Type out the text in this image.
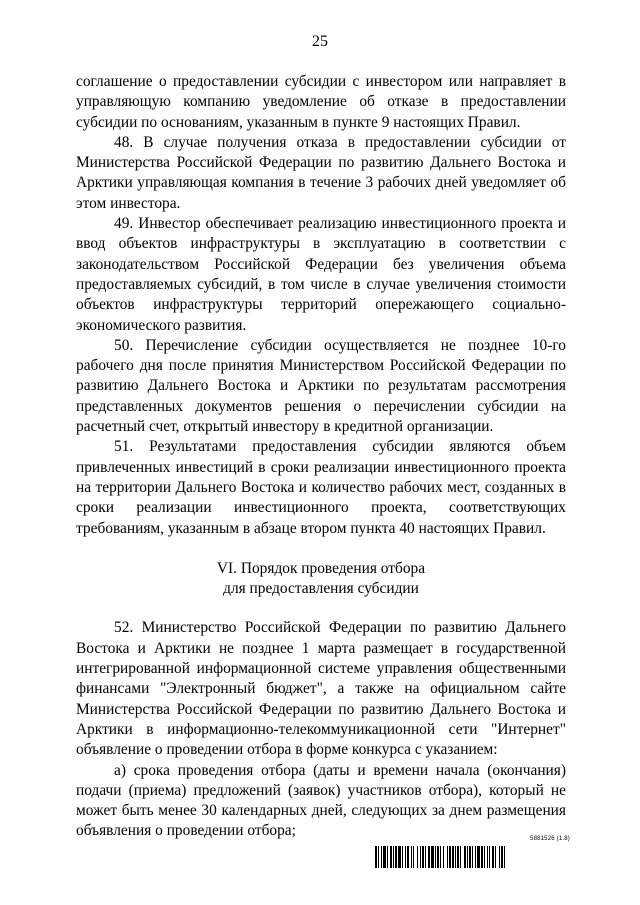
25

соглашение о предоставлении субсидии с инвестором или направляет в управляющую компанию уведомление об отказе в предоставлении субсидии по основаниям, указанным в пункте 9 настоящих Правил.

48. В случае получения отказа в предоставлении субсидии от Министерства Российской Федерации по развитию Дальнего Востока и Арктики управляющая компания в течение 3 рабочих дней уведомляет об этом инвестора.

49. Инвестор обеспечивает реализацию инвестиционного проекта и ввод объектов инфраструктуры в эксплуатацию в соответствии с законодательством Российской Федерации без увеличения объема предоставляемых субсидий, в том числе в случае увеличения стоимости объектов инфраструктуры территорий опережающего социально-экономического развития.

50. Перечисление субсидии осуществляется не позднее 10-го рабочего дня после принятия Министерством Российской Федерации по развитию Дальнего Востока и Арктики по результатам рассмотрения представленных документов решения о перечислении субсидии на расчетный счет, открытый инвестору в кредитной организации.

51. Результатами предоставления субсидии являются объем привлеченных инвестиций в сроки реализации инвестиционного проекта на территории Дальнего Востока и количество рабочих мест, созданных в сроки реализации инвестиционного проекта, соответствующих требованиям, указанным в абзаце втором пункта 40 настоящих Правил.

VI. Порядок проведения отбора
для предоставления субсидии

52. Министерство Российской Федерации по развитию Дальнего Востока и Арктики не позднее 1 марта размещает в государственной интегрированной информационной системе управления общественными финансами "Электронный бюджет", а также на официальном сайте Министерства Российской Федерации по развитию Дальнего Востока и Арктики в информационно-телекоммуникационной сети "Интернет" объявление о проведении отбора в форме конкурса с указанием:

а) срока проведения отбора (даты и времени начала (окончания) подачи (приема) предложений (заявок) участников отбора), который не может быть менее 30 календарных дней, следующих за днем размещения объявления о проведении отбора;	5881526 (1.8)
